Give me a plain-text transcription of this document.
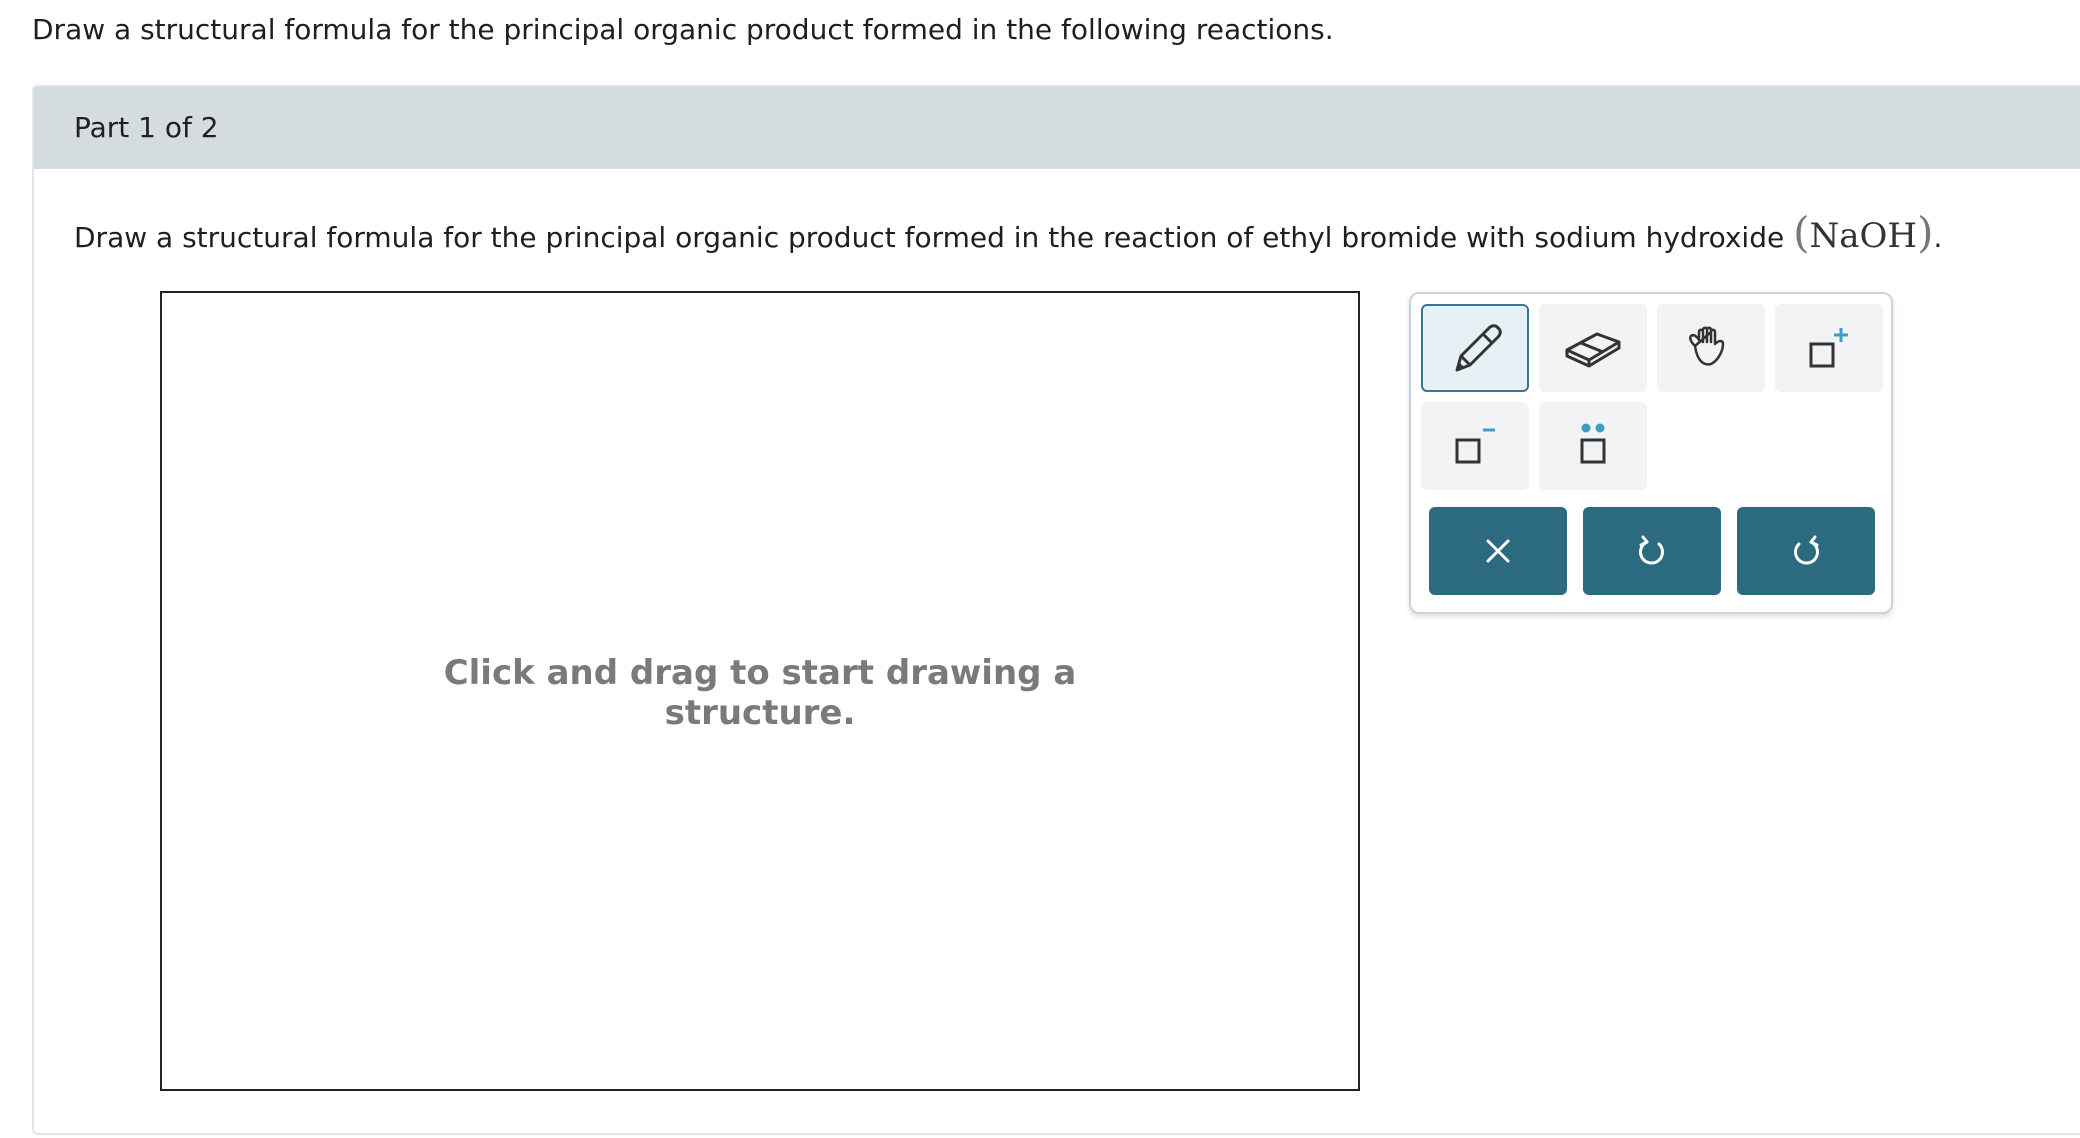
Draw a structural formula for the principal organic product formed in the following reactions.
Part 1 of 2
Draw a structural formula for the principal organic product formed in the reaction of ethyl bromide with sodium hydroxide (NaOH).
Click and drag to start drawing a
structure.
